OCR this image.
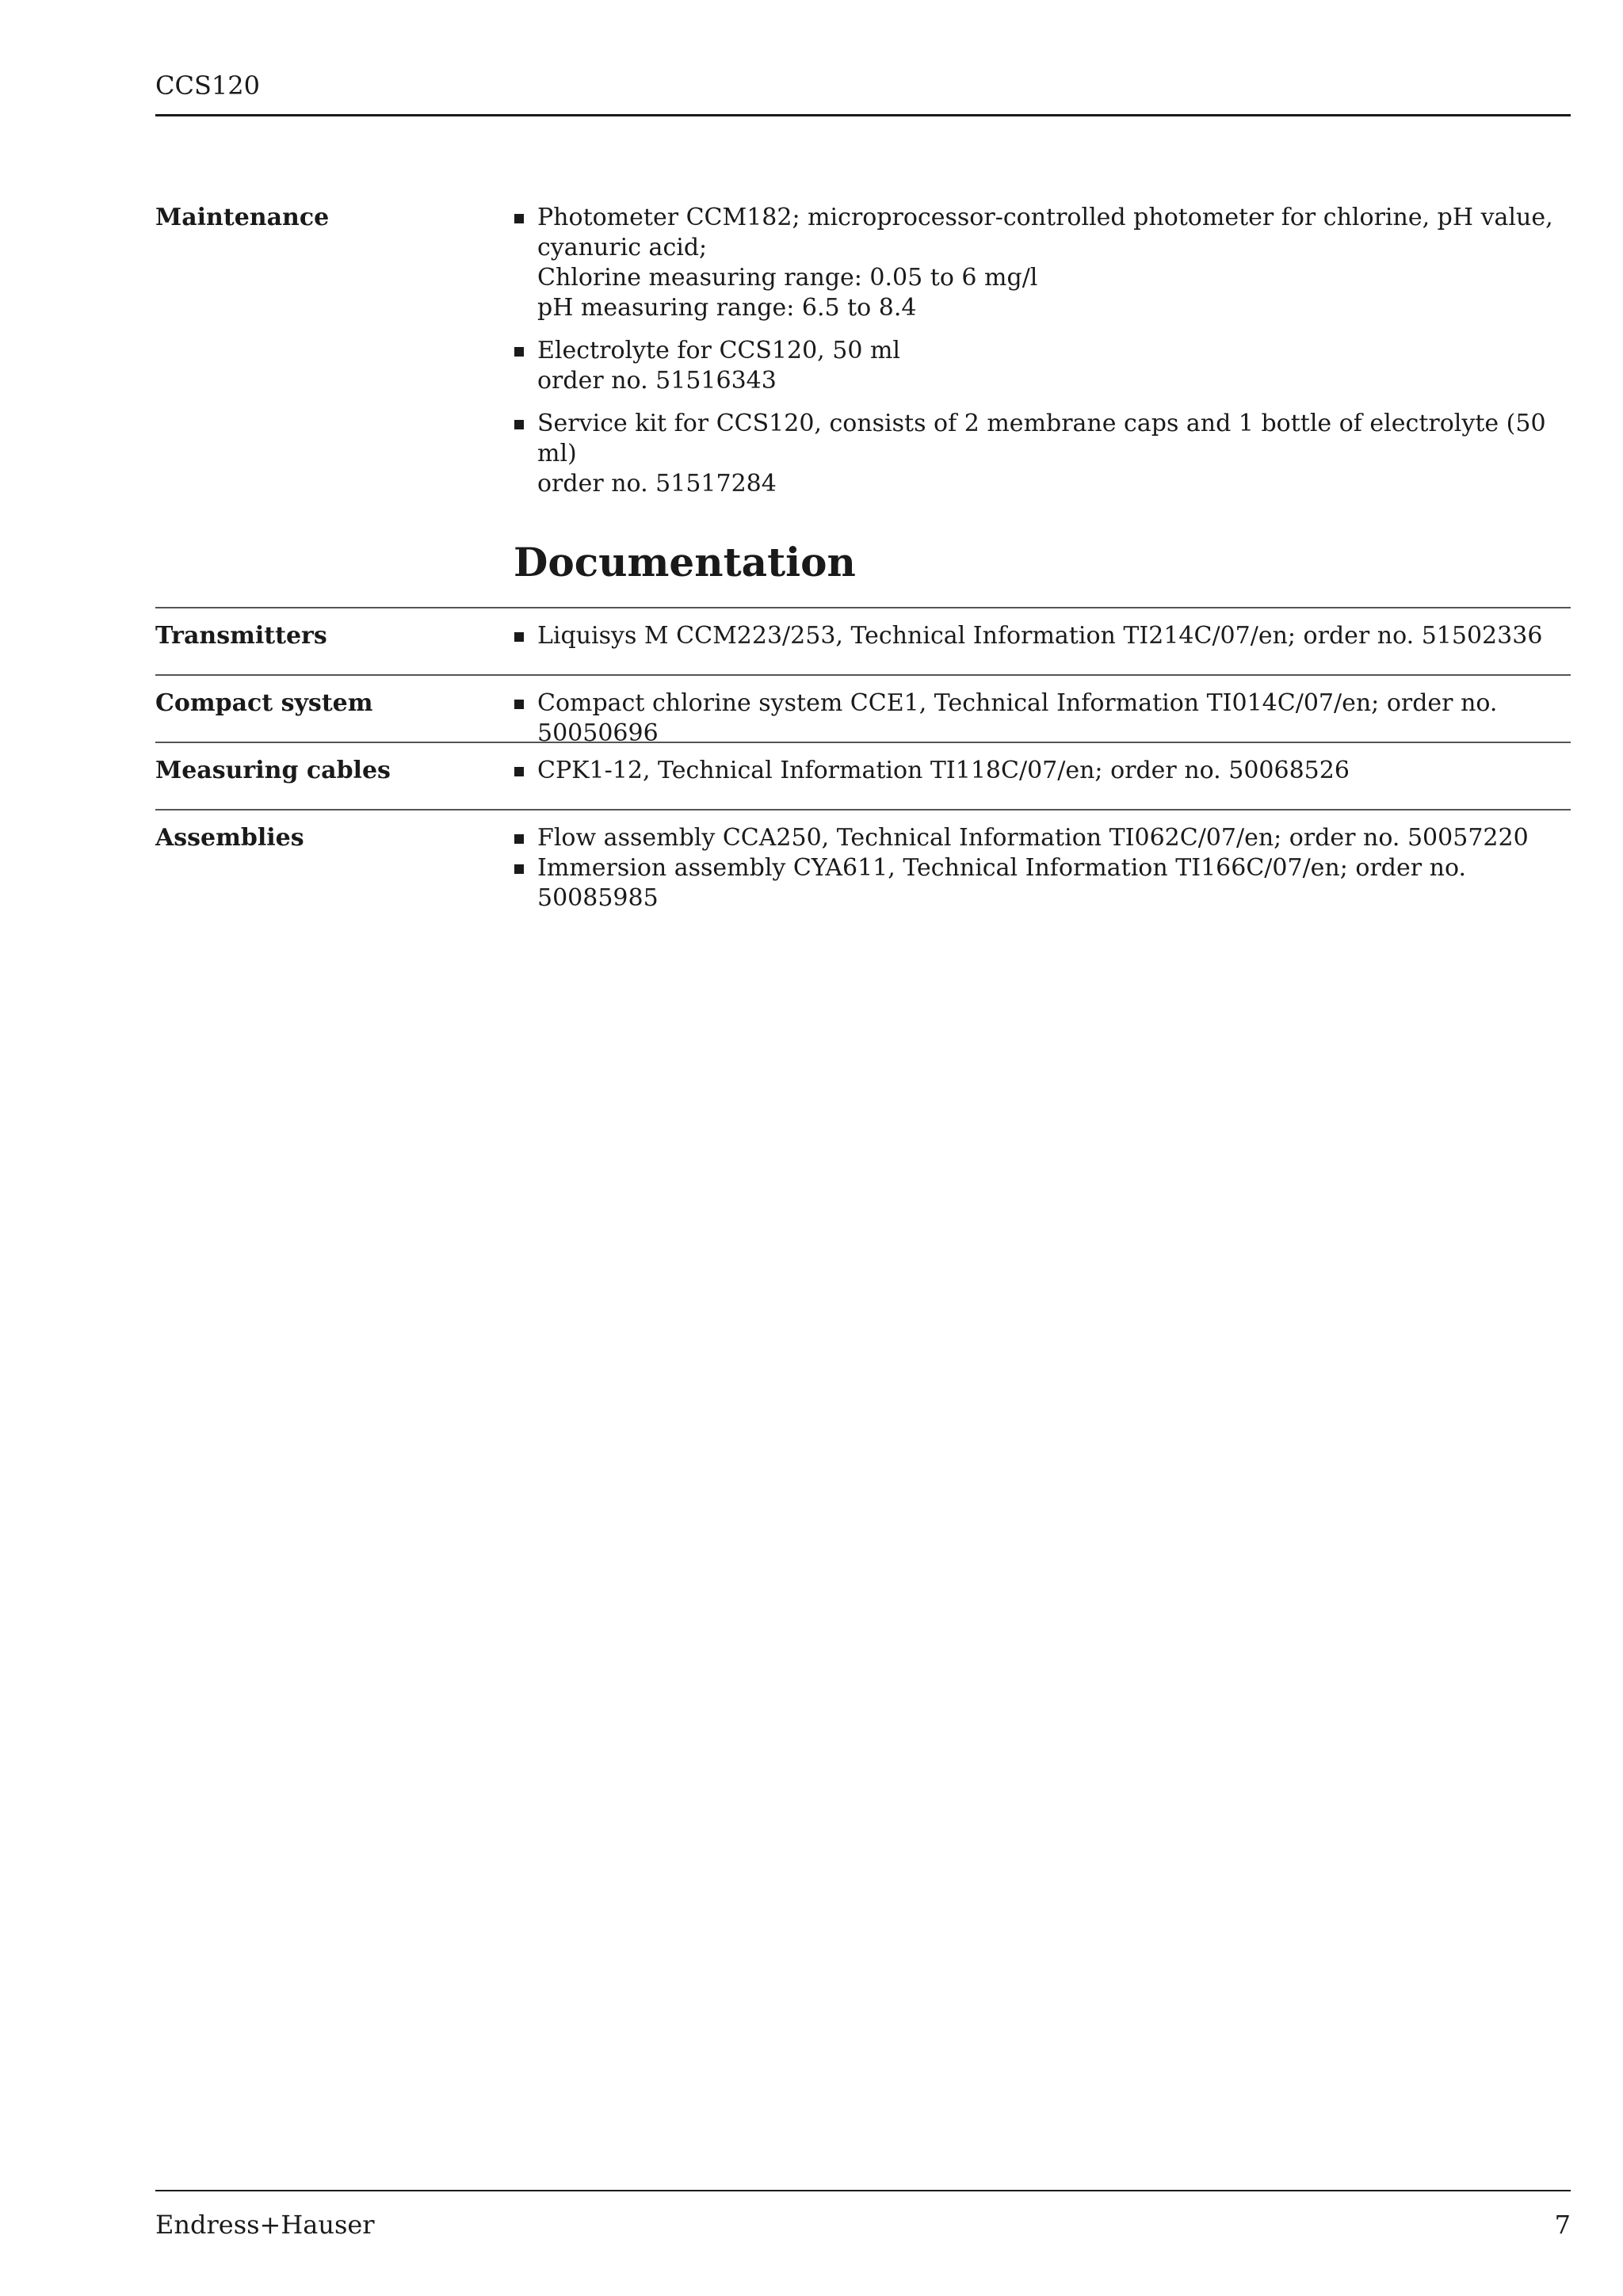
CCS120
Maintenance	Photometer CCM182; microprocessor-controlled photometer for chlorine, pH value, cyanuric acid;
Chlorine measuring range: 0.05 to 6 mg/l
pH measuring range: 6.5 to 8.4
Electrolyte for CCS120, 50 ml
order no. 51516343
Service kit for CCS120, consists of 2 membrane caps and 1 bottle of electrolyte (50 ml)
order no. 51517284
Documentation
Transmitters	Liquisys M CCM223/253, Technical Information TI214C/07/en; order no. 51502336
Compact system	Compact chlorine system CCE1, Technical Information TI014C/07/en; order no. 50050696
Measuring cables	CPK1-12, Technical Information TI118C/07/en; order no. 50068526
Assemblies	Flow assembly CCA250, Technical Information TI062C/07/en; order no. 50057220
Immersion assembly CYA611, Technical Information TI166C/07/en; order no. 50085985
Endress+Hauser	7
